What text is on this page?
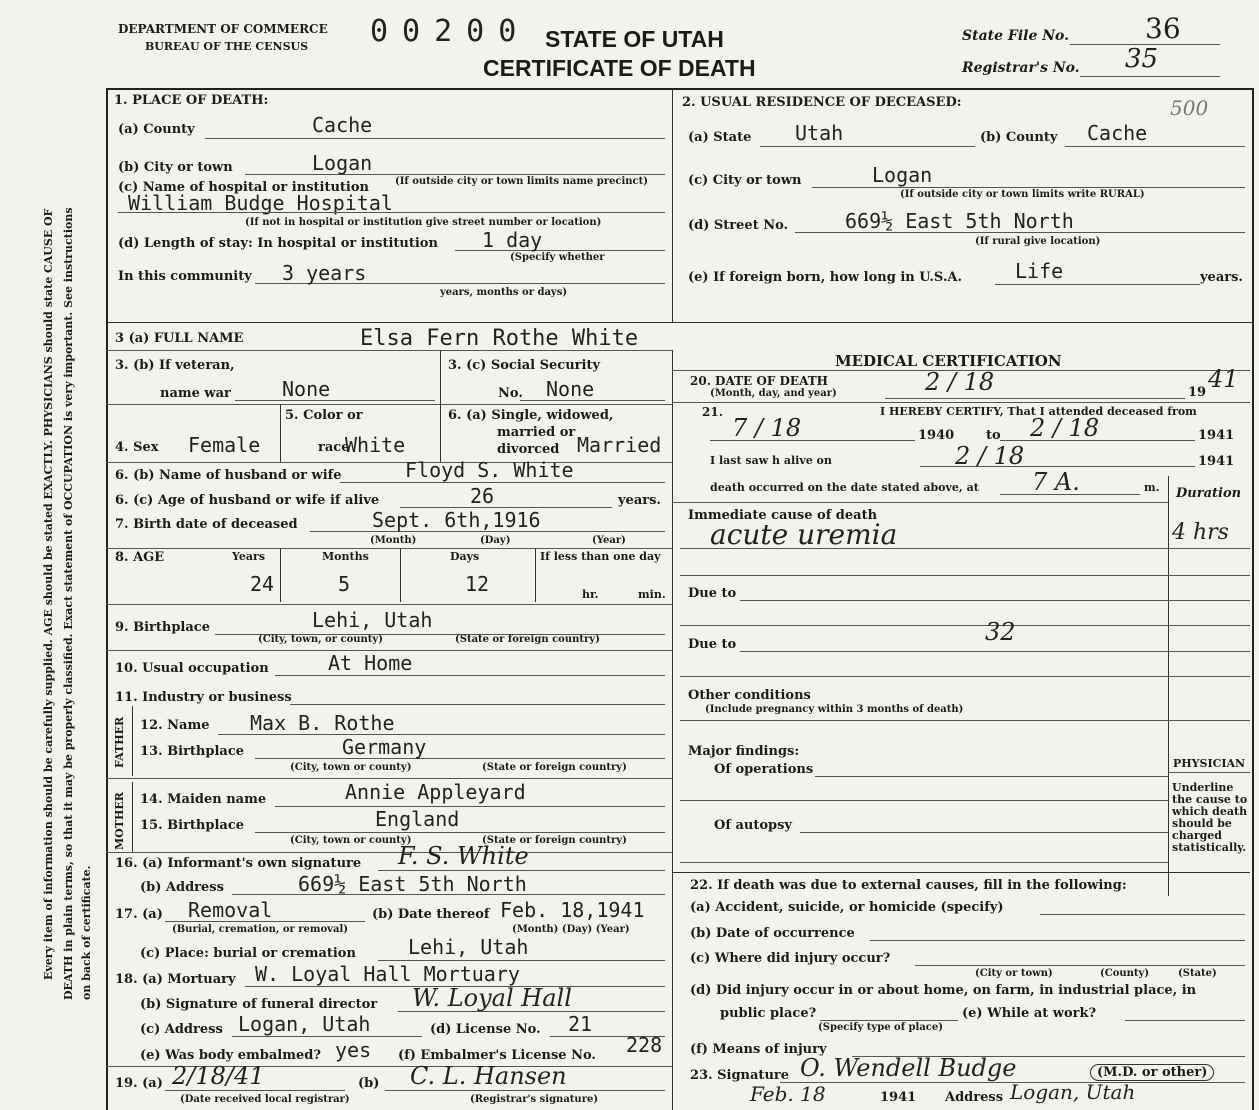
Every item of information should be carefully supplied. AGE should be stated EXACTLY. PHYSICIANS should state CAUSE OF DEATH in plain terms, so that it may be properly classified. Exact statement of OCCUPATION is very important. See instructions on back of certificate.
DEPARTMENT OF COMMERCE
BUREAU OF THE CENSUS 00200 STATE OF UTAH
CERTIFICATE OF DEATH
State File No.	36
Registrar's No. 35
1. PLACE OF DEATH:
(a) County	Cache
(b) City or town	Logan
(c) Name of hospital or institution	(If outside city or town limits name precinct)
William Budge Hospital
(If not in hospital or institution give street number or location)
(d) Length of stay: In hospital or institution 1 day
(Specify whether
In this community 3 years
years, months or days)
2. USUAL RESIDENCE OF DECEASED:	500
(a) State Utah	(b) County Cache
(c) City or town	Logan
(If outside city or town limits write RURAL)
(d) Street No.	669½ East 5th North
(If rural give location)
(e) If foreign born, how long in U.S.A.	Life	years.
3 (a) FULL NAME	Elsa Fern Rothe White
3. (b) If veteran,
name war	None
3. (c) Social Security
No. None
4. Sex Female
5. Color or
race
White
6. (a) Single, widowed,
married or
divorced Married
6. (b) Name of husband or wife	Floyd S. White
6. (c) Age of husband or wife if alive	26	years.
7. Birth date of deceased	Sept. 6th,1916
(Month)	(Day)	(Year)
8. AGE	Years	Months	Days	If less than one day
24	5	12	hr.	min.
9. Birthplace	Lehi, Utah
(City, town, or county)	(State or foreign country)
10. Usual occupation	At Home
11. Industry or business
FATHER
MOTHER
12. Name Max B. Rothe
13. Birthplace	Germany
(City, town or county)	(State or foreign country)
14. Maiden name	Annie Appleyard
15. Birthplace	England
(City, town or county)	(State or foreign country)
16. (a) Informant's own signature F. S. White
(b) Address	669½ East 5th North
17. (a) Removal
(Burial, cremation, or removal)
(b) Date thereof Feb. 18,1941
(Month) (Day) (Year)
(c) Place: burial or cremation	Lehi, Utah
18. (a) Mortuary W. Loyal Hall Mortuary
(b) Signature of funeral director W. Loyal Hall
(c) Address Logan, Utah	(d) License No. 21
(e) Was body embalmed? yes (f) Embalmer's License No. 228
19. (a) 2/18/41
(Date received local registrar)
(b) C. L. Hansen
(Registrar's signature)
MEDICAL CERTIFICATION
20. DATE OF DEATH
(Month, day, and year)	2 / 18	19 41
21.	I HEREBY CERTIFY, That I attended deceased from
7 / 18	1940 to 2 / 18	1941
I last saw h alive on	2 / 18	1941
death occurred on the date stated above, at 7 A.	m. Duration
Immediate cause of death
acute uremia	4 hrs
Due to
Due to	32
Other conditions
(Include pregnancy within 3 months of death)
Major findings:
Of operations	PHYSICIAN
Underline the cause to which death should be charged statistically.
Of autopsy
22. If death was due to external causes, fill in the following:
(a) Accident, suicide, or homicide (specify)
(b) Date of occurrence
(c) Where did injury occur?
(City or town)	(County)	(State)
(d) Did injury occur in or about home, on farm, in industrial place, in
public place?
(Specify type of place)
(e) While at work?
(f) Means of injury
23. Signature O. Wendell Budge	(M.D. or other)
Feb. 18	1941 Address Logan, Utah
